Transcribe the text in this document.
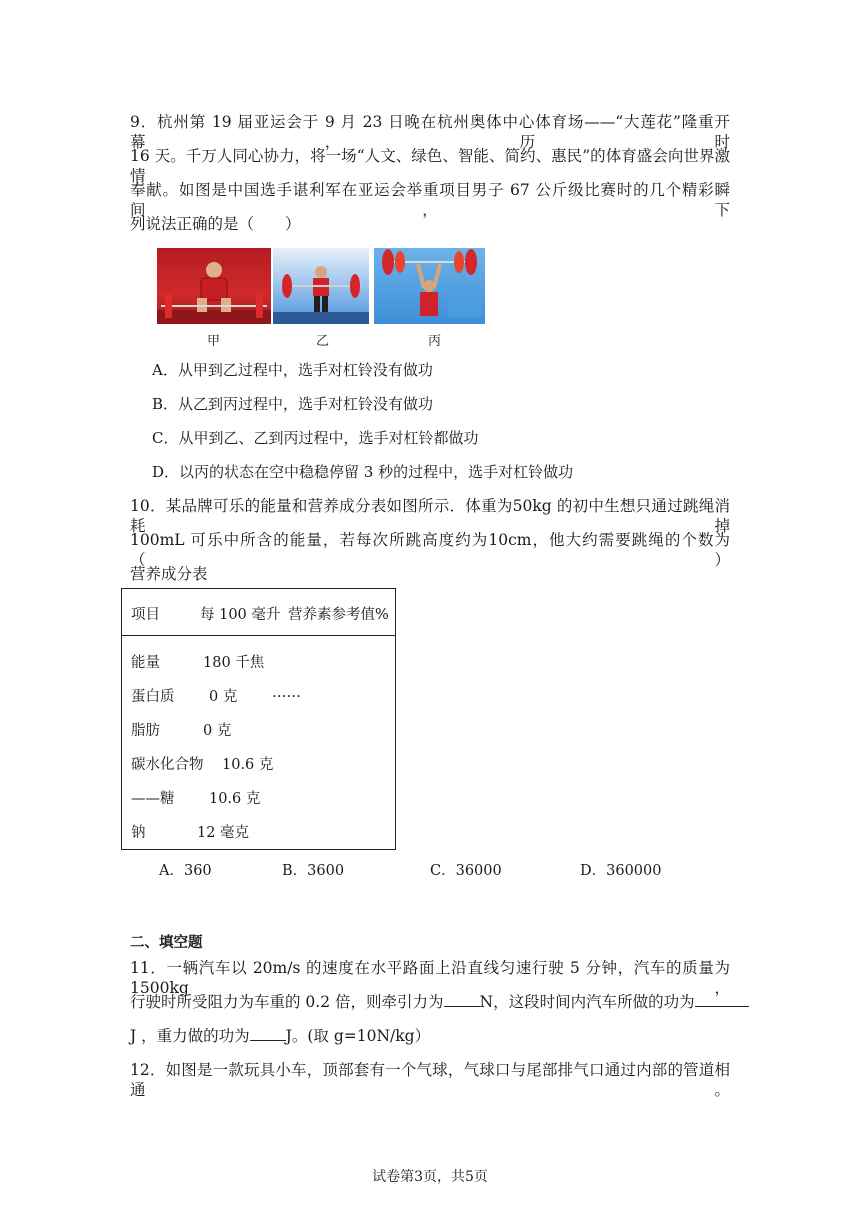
9．杭州第 19 届亚运会于 9 月 23 日晚在杭州奥体中心体育场——“大莲花”隆重开幕，历时
16 天。千万人同心协力，将一场“人文、绿色、智能、简约、惠民”的体育盛会向世界激情
奉献。如图是中国选手谌利军在亚运会举重项目男子 67 公斤级比赛时的几个精彩瞬间，下
列说法正确的是（　　）
甲	乙	丙
A．从甲到乙过程中，选手对杠铃没有做功
B．从乙到丙过程中，选手对杠铃没有做功
C．从甲到乙、乙到丙过程中，选手对杠铃都做功
D．以丙的状态在空中稳稳停留 3 秒的过程中，选手对杠铃做功
10．某品牌可乐的能量和营养成分表如图所示．体重为50kg 的初中生想只通过跳绳消耗掉
100mL 可乐中所含的能量，若每次所跳高度约为10cm，他大约需要跳绳的个数为（　　）
营养成分表
项目	每 100 毫升 营养素参考值%
能量	180 千焦
蛋白质 0 克 ……
脂肪	0 克
碳水化合物 10.6 克
——糖 10.6 克
钠	12 毫克
A．360	B．3600	C．36000	D．360000
二、填空题
11．一辆汽车以 20m/s 的速度在水平路面上沿直线匀速行驶 5 分钟，汽车的质量为 1500kg，
行驶时所受阻力为车重的 0.2 倍，则牵引力为 N，这段时间内汽车所做的功为
J ，重力做的功为 J。(取 g=10N/kg）
12．如图是一款玩具小车，顶部套有一个气球，气球口与尾部排气口通过内部的管道相通。
试卷第3页，共5页
